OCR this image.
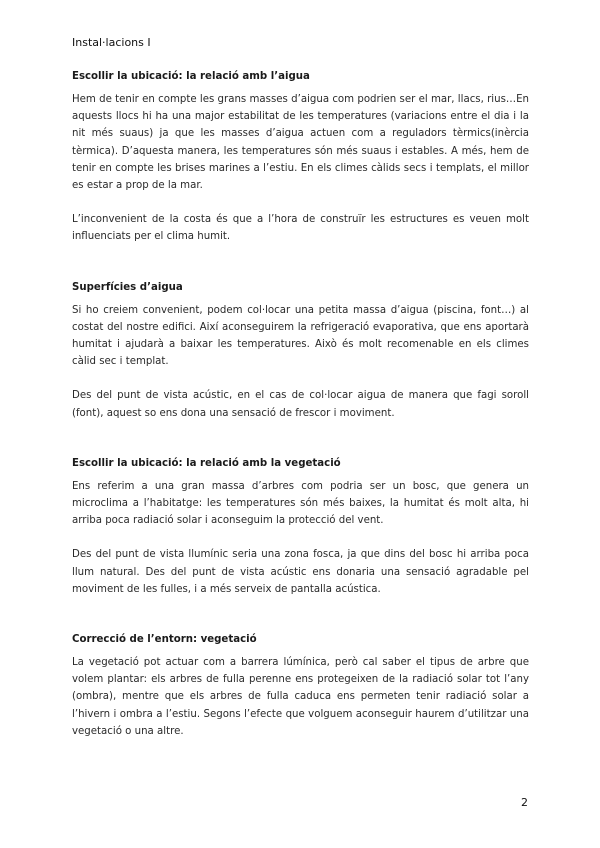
Instal·lacions I
Escollir la ubicació: la relació amb l’aigua

Hem de tenir en compte les grans masses d’aigua com podrien ser el mar, llacs, rius…En aquests llocs hi ha una major estabilitat de les temperatures (variacions entre el dia i la nit més suaus) ja que les masses d’aigua actuen com a reguladors tèrmics(inèrcia tèrmica). D’aquesta manera, les temperatures són més suaus i estables. A més, hem de tenir en compte les brises marines a l’estiu. En els climes càlids secs i templats, el millor es estar a prop de la mar.

L’inconvenient de la costa és que a l’hora de construïr les estructures es veuen molt influenciats per el clima humit.

Superfícies d’aigua

Si ho creiem convenient, podem col·locar una petita massa d’aigua (piscina, font…) al costat del nostre edifici. Així aconseguirem la refrigeració evaporativa, que ens aportarà humitat i ajudarà a baixar les temperatures. Això és molt recomenable en els climes càlid sec i templat.

Des del punt de vista acústic, en el cas de col·locar aigua de manera que fagi soroll (font), aquest so ens dona una sensació de frescor i moviment.

Escollir la ubicació: la relació amb la vegetació

Ens referim a una gran massa d’arbres com podria ser un bosc, que genera un microclima a l’habitatge: les temperatures són més baixes, la humitat és molt alta, hi arriba poca radiació solar i aconseguim la protecció del vent.

Des del punt de vista llumínic seria una zona fosca, ja que dins del bosc hi arriba poca llum natural. Des del punt de vista acústic ens donaria una sensació agradable pel moviment de les fulles, i a més serveix de pantalla acústica.

Correcció de l’entorn: vegetació

La vegetació pot actuar com a barrera lúmínica, però cal saber el tipus de arbre que volem plantar: els arbres de fulla perenne ens protegeixen de la radiació solar tot l’any (ombra), mentre que els arbres de fulla caduca ens permeten tenir radiació solar a l’hivern i ombra a l’estiu. Segons l’efecte que volguem aconseguir haurem d’utilitzar una vegetació o una altre.

2
